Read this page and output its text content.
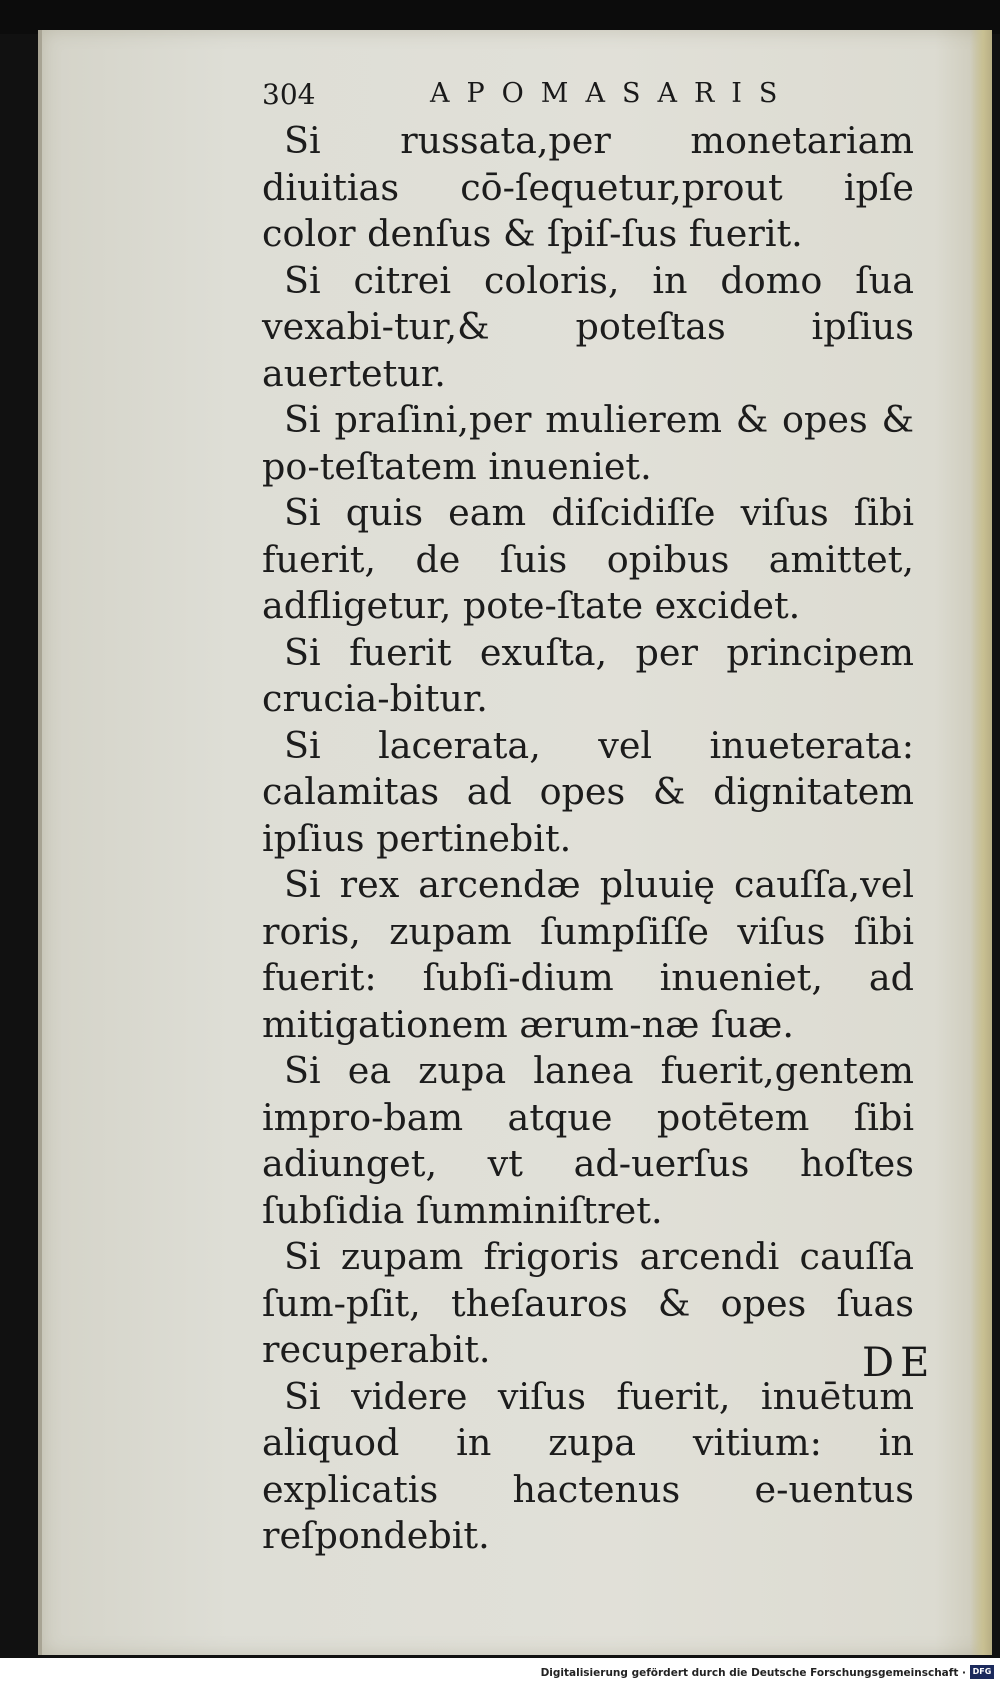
304	APOMASARIS

Si russata,per monetariam diuitias cō-ſequetur,prout ipſe color denſus & ſpiſ-ſus fuerit.

Si citrei coloris, in domo ſua vexabi-tur,& poteſtas ipſius auertetur.

Si praſini,per mulierem & opes & po-teſtatem inueniet.

Si quis eam diſcidiſſe viſus ſibi fuerit, de ſuis opibus amittet, adfligetur, pote-ſtate excidet.

Si fuerit exuſta, per principem crucia-bitur.

Si lacerata, vel inueterata: calamitas ad opes & dignitatem ipſius pertinebit.

Si rex arcendæ pluuię cauſſa,vel roris, zupam ſumpſiſſe viſus ſibi fuerit: ſubſi-dium inueniet, ad mitigationem ærum-næ ſuæ.

Si ea zupa lanea fuerit,gentem impro-bam atque potētem ſibi adiunget, vt ad-uerſus hoſtes ſubſidia ſumminiſtret.

Si zupam frigoris arcendi cauſſa ſum-pſit, theſauros & opes ſuas recuperabit.

Si videre viſus fuerit, inuētum aliquod in zupa vitium: in explicatis hactenus e-uentus reſpondebit.

DE
Digitalisierung gefördert durch die Deutsche Forschungsgemeinschaft · DFG
